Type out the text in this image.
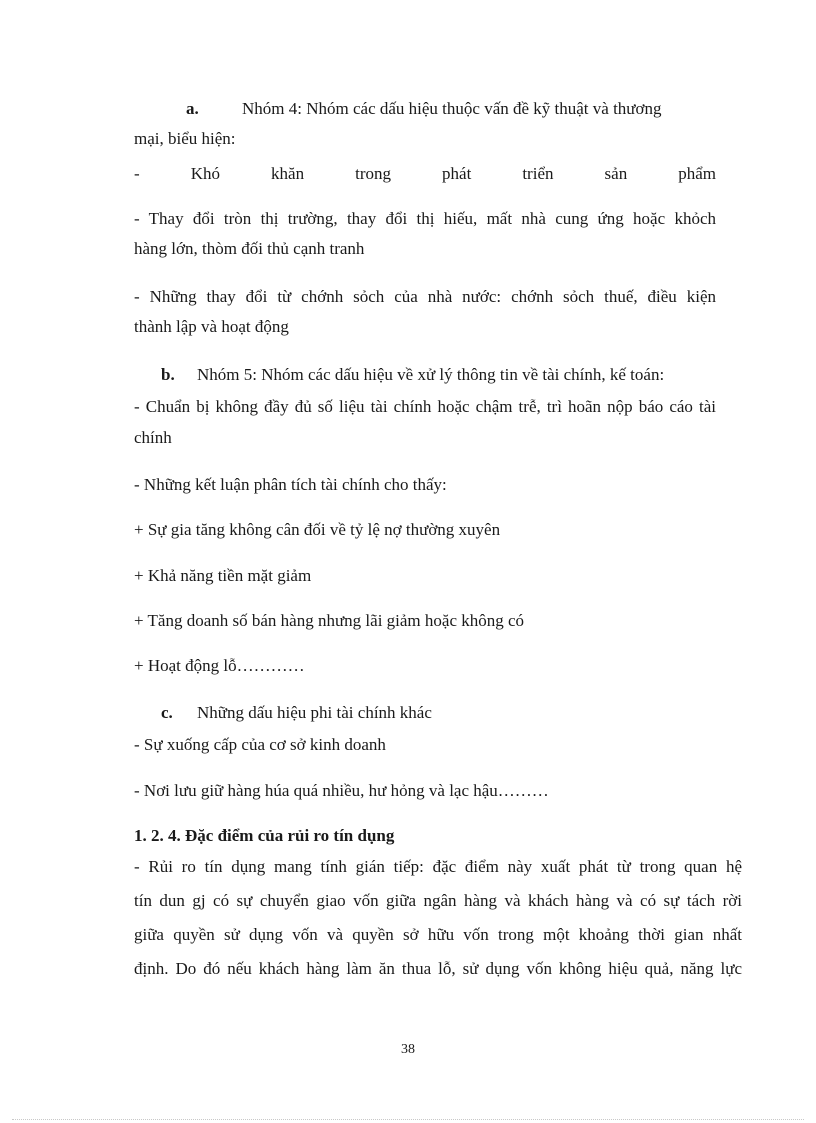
a.	Nhóm 4: Nhóm các dấu hiệu thuộc vấn đề kỹ thuật và thương
mại, biểu hiện:
- Khó khăn trong phát triển sản phẩm
- Thay đổi tròn thị trường, thay đổi thị hiếu, mất nhà cung ứng hoặc khỏch
hàng lớn, thòm đối thủ cạnh tranh
- Những thay đổi từ chớnh sỏch của nhà nước: chớnh sỏch thuế, điều kiện
thành lập và hoạt động
b. Nhóm 5: Nhóm các dấu hiệu về xử lý thông tin về tài chính, kế toán:
- Chuẩn bị không đầy đủ số liệu tài chính hoặc chậm trễ, trì hoãn nộp báo cáo tài
chính
- Những kết luận phân tích tài chính cho thấy:
+ Sự gia tăng không cân đối về tỷ lệ nợ thường xuyên
+ Khả năng tiền mặt giảm
+ Tăng doanh số bán hàng nhưng lãi giảm hoặc không có
+ Hoạt động lỗ…………
c. Những dấu hiệu phi tài chính khác
- Sự xuống cấp của cơ sở kinh doanh
- Nơi lưu giữ hàng húa quá nhiều, hư hỏng và lạc hậu………
1. 2. 4. Đặc điểm của rủi ro tín dụng
- Rủi ro tín dụng mang tính gián tiếp: đặc điểm này xuất phát từ trong quan hệ
tín dun gj có sự chuyển giao vốn giữa ngân hàng và khách hàng và có sự tách rời
giữa quyền sử dụng vốn và quyền sở hữu vốn trong một khoảng thời gian nhất
định. Do đó nếu khách hàng làm ăn thua lỗ, sử dụng vốn không hiệu quả, năng lực
38
